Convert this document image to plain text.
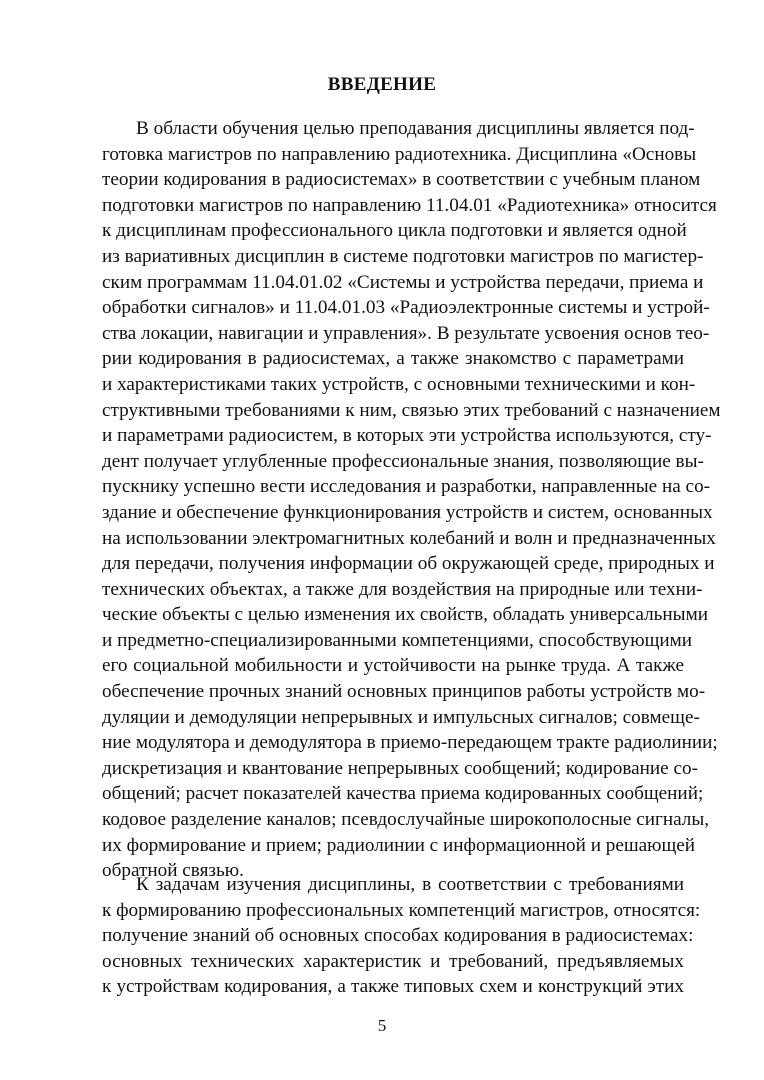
ВВЕДЕНИЕ
В области обучения целью преподавания дисциплины является под-
готовка магистров по направлению радиотехника. Дисциплина «Основы
теории кодирования в радиосистемах» в соответствии с учебным планом
подготовки магистров по направлению 11.04.01 «Радиотехника» относится
к дисциплинам профессионального цикла подготовки и является одной
из вариативных дисциплин в системе подготовки магистров по магистер-
ским программам 11.04.01.02 «Системы и устройства передачи, приема и
обработки сигналов» и 11.04.01.03 «Радиоэлектронные системы и устрой-
ства локации, навигации и управления». В результате усвоения основ тео-
рии кодирования в радиосистемах, а также знакомство с параметрами
и характеристиками таких устройств, с основными техническими и кон-
структивными требованиями к ним, связью этих требований с назначением
и параметрами радиосистем, в которых эти устройства используются, сту-
дент получает углубленные профессиональные знания, позволяющие вы-
пускнику успешно вести исследования и разработки, направленные на со-
здание и обеспечение функционирования устройств и систем, основанных
на использовании электромагнитных колебаний и волн и предназначенных
для передачи, получения информации об окружающей среде, природных и
технических объектах, а также для воздействия на природные или техни-
ческие объекты с целью изменения их свойств, обладать универсальными
и предметно-специализированными компетенциями, способствующими
его социальной мобильности и устойчивости на рынке труда. А также
обеспечение прочных знаний основных принципов работы устройств мо-
дуляции и демодуляции непрерывных и импульсных сигналов; совмеще-
ние модулятора и демодулятора в приемо-передающем тракте радиолинии;
дискретизация и квантование непрерывных сообщений; кодирование со-
общений; расчет показателей качества приема кодированных сообщений;
кодовое разделение каналов; псевдослучайные широкополосные сигналы,
их формирование и прием; радиолинии с информационной и решающей
обратной связью.
К задачам изучения дисциплины, в соответствии с требованиями
к формированию профессиональных компетенций магистров, относятся:
получение знаний об основных способах кодирования в радиосистемах:
основных технических характеристик и требований, предъявляемых
к устройствам кодирования, а также типовых схем и конструкций этих
5
